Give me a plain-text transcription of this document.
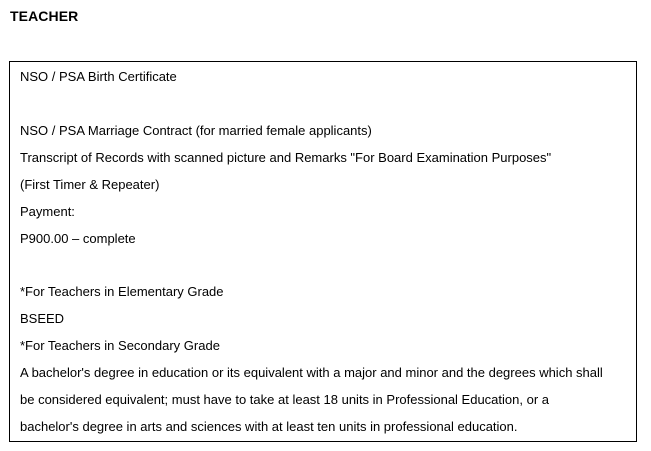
TEACHER

NSO / PSA Birth Certificate

NSO / PSA Marriage Contract (for married female applicants)

Transcript of Records with scanned picture and Remarks "For Board Examination Purposes"

(First Timer & Repeater)

Payment:

P900.00 – complete

*For Teachers in Elementary Grade

BSEED

*For Teachers in Secondary Grade

A bachelor's degree in education or its equivalent with a major and minor and the degrees which shall

be considered equivalent; must have to take at least 18 units in Professional Education, or a

bachelor's degree in arts and sciences with at least ten units in professional education.
